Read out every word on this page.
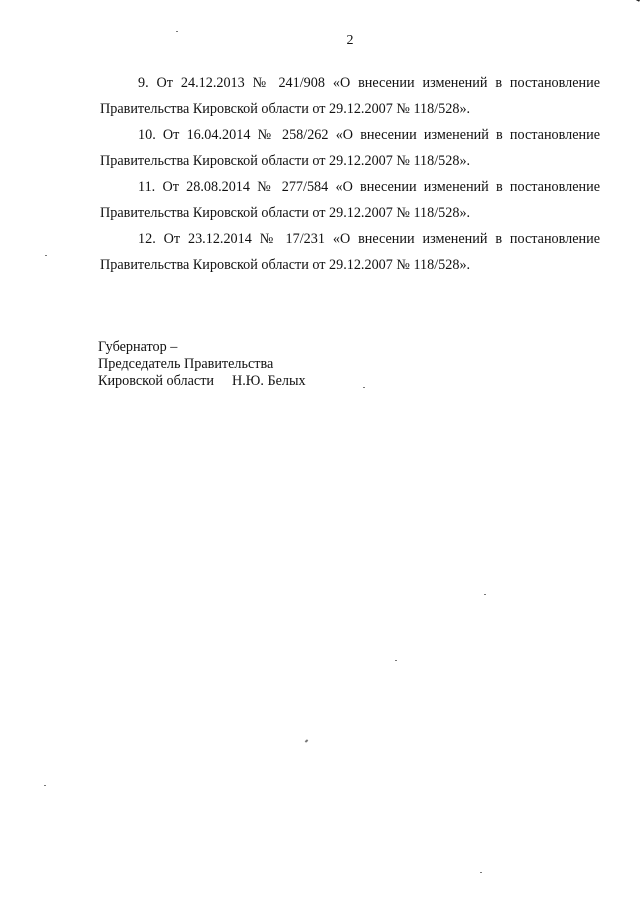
2

9. От 24.12.2013 № 241/908 «О внесении изменений в постановление
Правительства Кировской области от 29.12.2007 № 118/528».

10. От 16.04.2014 № 258/262 «О внесении изменений в постановление
Правительства Кировской области от 29.12.2007 № 118/528».

11. От 28.08.2014 № 277/584 «О внесении изменений в постановление
Правительства Кировской области от 29.12.2007 № 118/528».

12. От 23.12.2014 № 17/231 «О внесении изменений в постановление
Правительства Кировской области от 29.12.2007 № 118/528».

Губернатор –
Председатель Правительства
Кировской области Н.Ю. Белых
